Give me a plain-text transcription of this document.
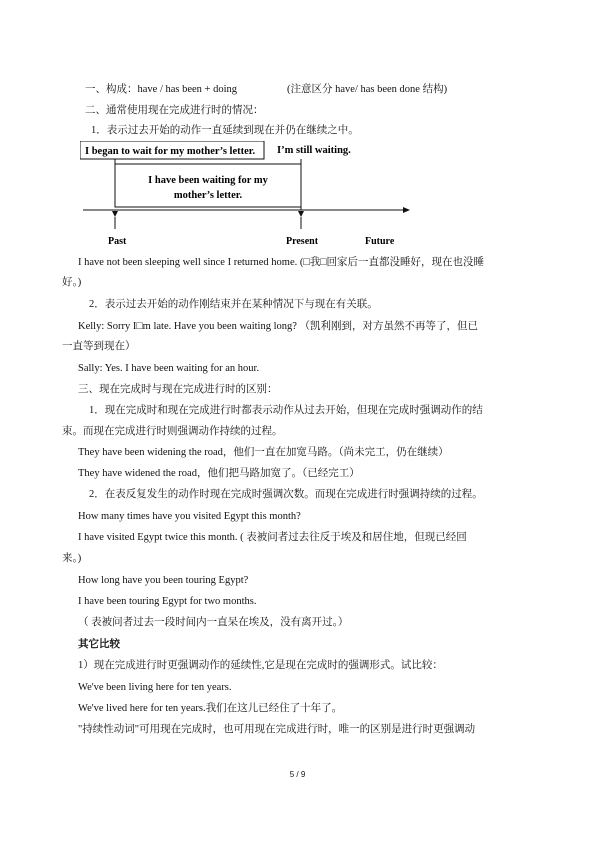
一、构成：have / has been + doing	(注意区分 have/ has been done 结构)
二、通常使用现在完成进行时的情况：
1．表示过去开始的动作一直延续到现在并仍在继续之中。
I began to wait for my mother’s letter. I’m still waiting.
I have been waiting for my
mother’s letter.
Past	Present	Future
I have not been sleeping well since I returned home. (□我□回家后一直都没睡好，现在也没睡
好。)
2．表示过去开始的动作刚结束并在某种情况下与现在有关联。
Kelly: Sorry I□m late. Have you been waiting long? （凯利刚到，对方虽然不再等了，但已
一直等到现在）
Sally: Yes. I have been waiting for an hour.
三、现在完成时与现在完成进行时的区别：
1．现在完成时和现在完成进行时都表示动作从过去开始，但现在完成时强调动作的结
束。而现在完成进行时则强调动作持续的过程。
They have been widening the road，他们一直在加宽马路。（尚未完工，仍在继续）
They have widened the road，他们把马路加宽了。（已经完工）
2．在表反复发生的动作时现在完成时强调次数。而现在完成进行时强调持续的过程。
How many times have you visited Egypt this month?
I have visited Egypt twice this month. ( 表被问者过去往反于埃及和居住地，但现已经回
来。)
How long have you been touring Egypt?
I have been touring Egypt for two months.
（ 表被问者过去一段时间内一直呆在埃及，没有离开过。）
其它比较
1）现在完成进行时更强调动作的延续性,它是现在完成时的强调形式。试比较：
We've been living here for ten years.
We've lived here for ten years.我们在这儿已经住了十年了。
"持续性动词"可用现在完成时，也可用现在完成进行时，唯一的区别是进行时更强调动
5 / 9
